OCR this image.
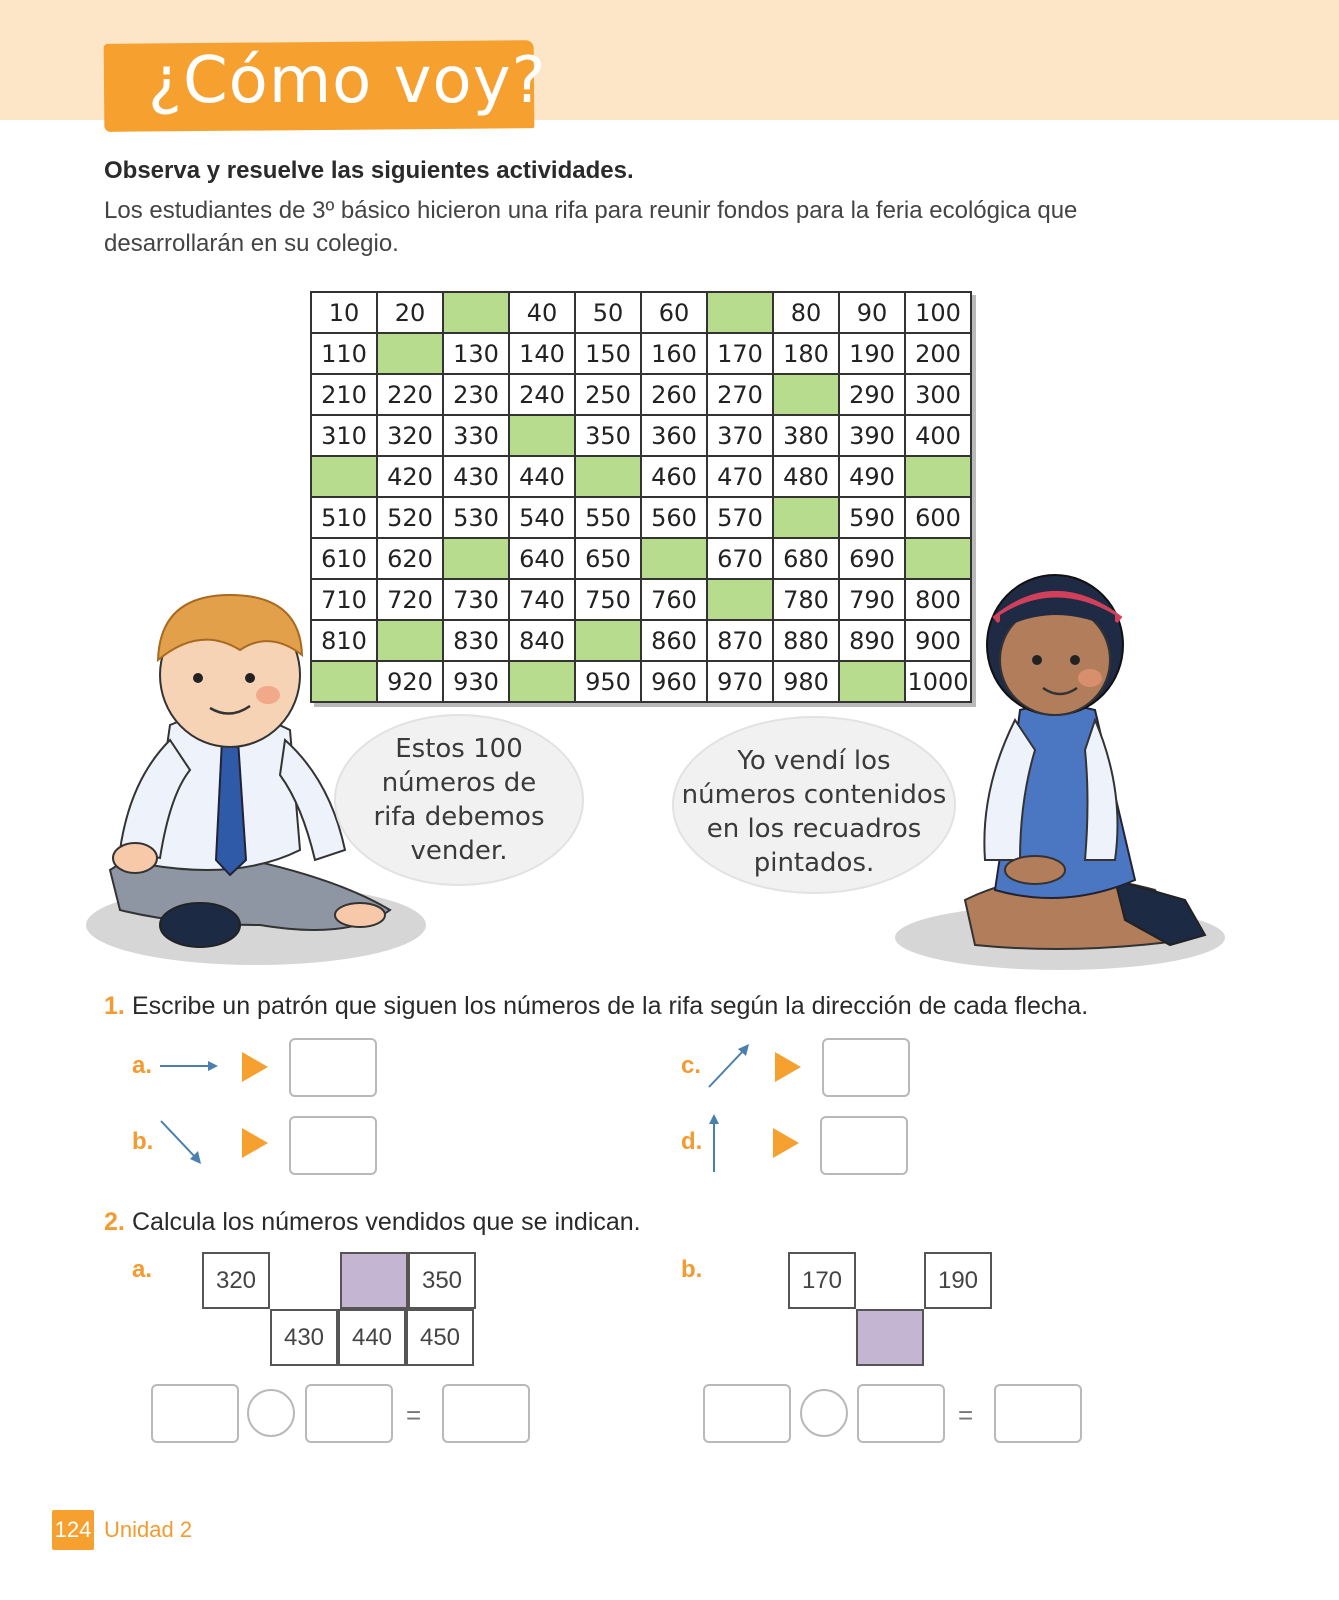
¿Cómo voy?
Observa y resuelve las siguientes actividades.
Los estudiantes de 3º básico hicieron una rifa para reunir fondos para la feria ecológica que desarrollarán en su colegio.
10	20		40	50	60		80	90	100
110		130	140	150	160	170	180	190	200
210	220	230	240	250	260	270		290	300
310	320	330		350	360	370	380	390	400
	420	430	440		460	470	480	490	
510	520	530	540	550	560	570		590	600
610	620		640	650		670	680	690	
710	720	730	740	750	760		780	790	800
810		830	840		860	870	880	890	900
	920	930		950	960	970	980		1000
Estos 100
números de
rifa debemos
vender.
Yo vendí los
números contenidos
en los recuadros
pintados.
1. Escribe un patrón que siguen los números de la rifa según la dirección de cada flecha.
a.
b.
c.
d.
2. Calcula los números vendidos que se indican.
a.	320	350
430	440	450
=
b.	170	190
=
124 Unidad 2
